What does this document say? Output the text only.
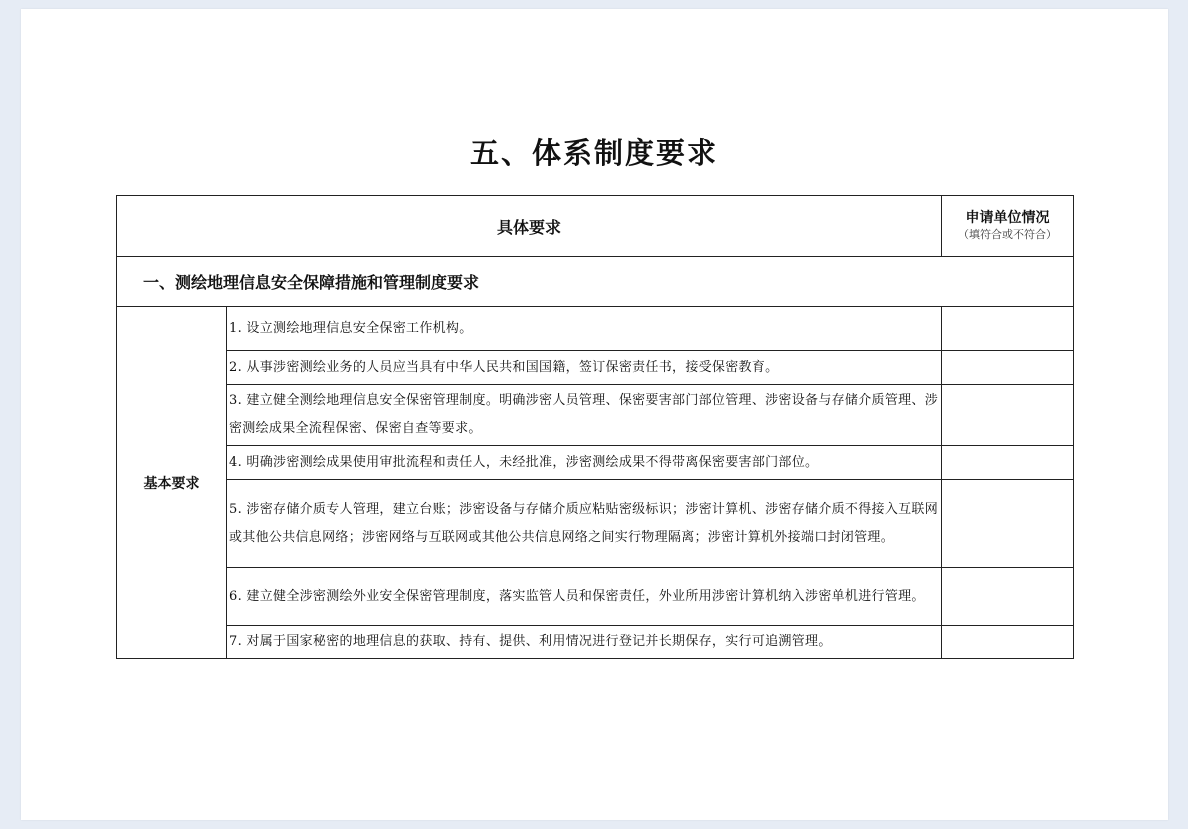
五、体系制度要求
具体要求		申请单位情况
（填符合或不符合）

一、测绘地理信息安全保障措施和管理制度要求		
基本要求	1. 设立测绘地理信息安全保密工作机构。	
	2. 从事涉密测绘业务的人员应当具有中华人民共和国国籍，签订保密责任书，接受保密教育。	
	3. 建立健全测绘地理信息安全保密管理制度。明确涉密人员管理、保密要害部门部位管理、涉密设备与存储介质管理、涉密测绘成果全流程保密、保密自查等要求。	
	4. 明确涉密测绘成果使用审批流程和责任人，未经批准，涉密测绘成果不得带离保密要害部门部位。	
	5. 涉密存储介质专人管理，建立台账；涉密设备与存储介质应粘贴密级标识；涉密计算机、涉密存储介质不得接入互联网或其他公共信息网络；涉密网络与互联网或其他公共信息网络之间实行物理隔离；涉密计算机外接端口封闭管理。	
	6. 建立健全涉密测绘外业安全保密管理制度，落实监管人员和保密责任，外业所用涉密计算机纳入涉密单机进行管理。	
	7. 对属于国家秘密的地理信息的获取、持有、提供、利用情况进行登记并长期保存，实行可追溯管理。	
